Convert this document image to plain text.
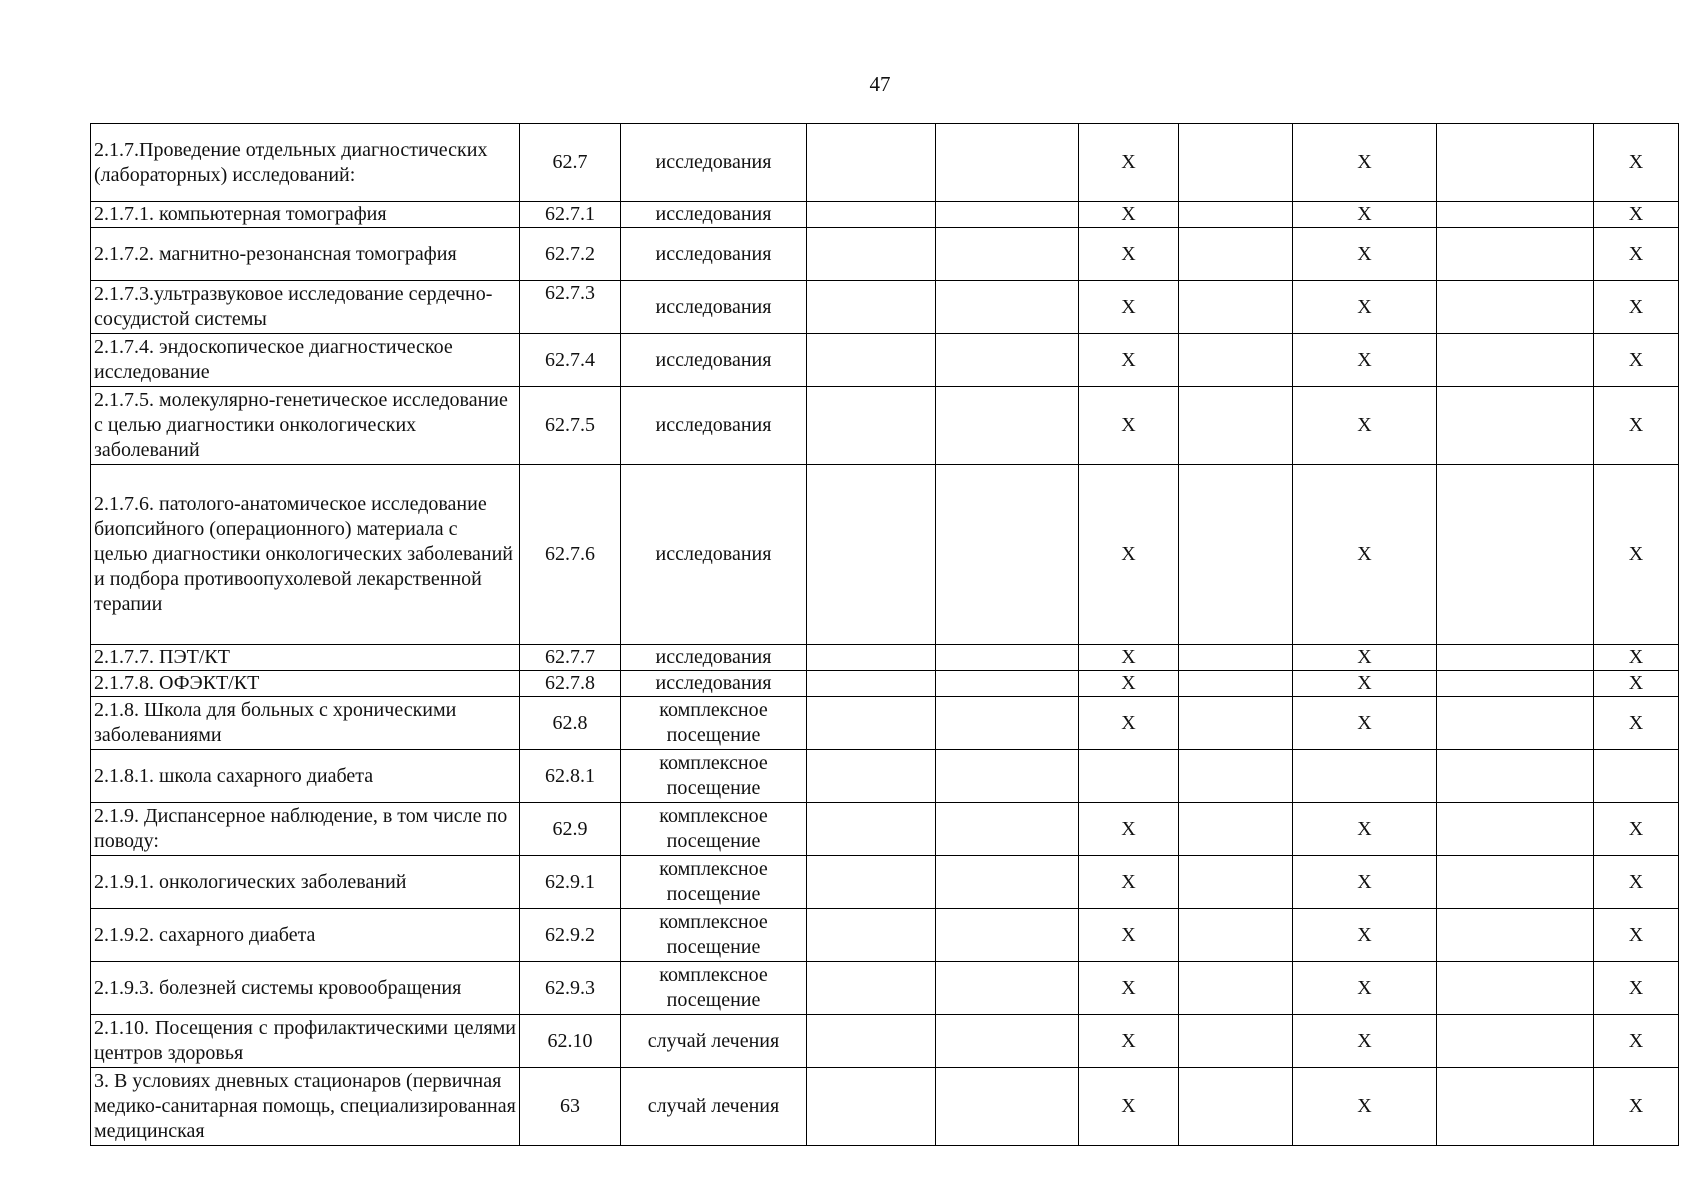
47
2.1.7.Проведение отдельных диагностических (лабораторных) исследований:	62.7	исследования			X		X		X
2.1.7.1. компьютерная томография	62.7.1	исследования			X		X		X
2.1.7.2. магнитно-резонансная томография	62.7.2	исследования			X		X		X
2.1.7.3.ультразвуковое исследование сердечно-сосудистой системы	62.7.3	исследования			X		X		X
2.1.7.4. эндоскопическое диагностическое исследование	62.7.4	исследования			X		X		X
2.1.7.5. молекулярно-генетическое исследование с целью диагностики онкологических заболеваний	62.7.5	исследования			X		X		X
2.1.7.6. патолого-анатомическое исследование биопсийного (операционного) материала с целью диагностики онкологических заболеваний и подбора противоопухолевой лекарственной терапии	62.7.6	исследования			X		X		X
2.1.7.7. ПЭТ/КТ	62.7.7	исследования			X		X		X
2.1.7.8. ОФЭКТ/КТ	62.7.8	исследования			X		X		X
2.1.8. Школа для больных с хроническими заболеваниями	62.8	комплексное посещение			X		X		X
2.1.8.1. школа сахарного диабета	62.8.1	комплексное посещение							
2.1.9. Диспансерное наблюдение, в том числе по поводу:	62.9	комплексное посещение			X		X		X
2.1.9.1. онкологических заболеваний	62.9.1	комплексное посещение			X		X		X
2.1.9.2. сахарного диабета	62.9.2	комплексное посещение			X		X		X
2.1.9.3. болезней системы кровообращения	62.9.3	комплексное посещение			X		X		X
2.1.10. Посещения с профилактическими целями центров здоровья	62.10	случай лечения			X		X		X
3. В условиях дневных стационаров (первичная медико-санитарная помощь, специализированная медицинская	63	случай лечения			X		X		X
